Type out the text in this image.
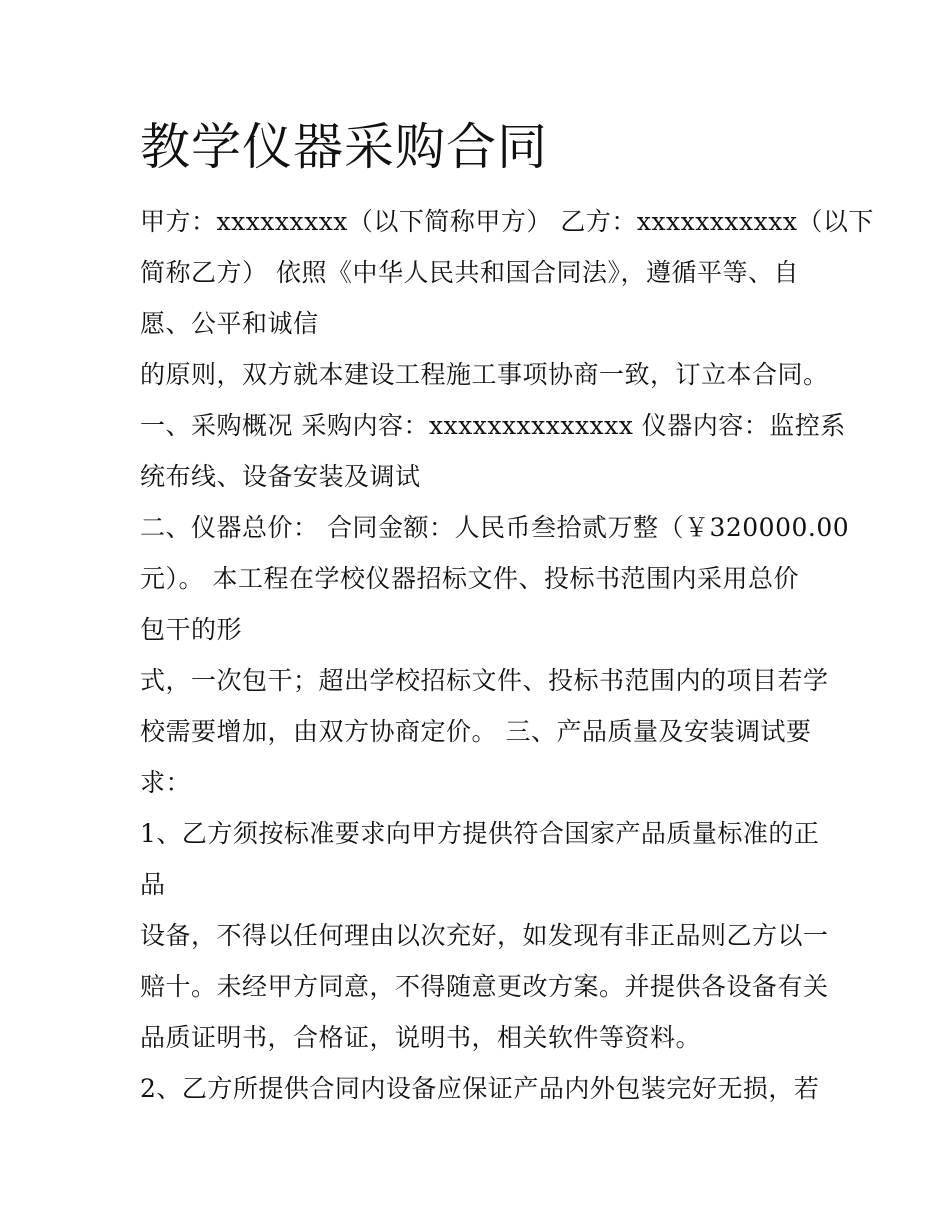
教学仪器采购合同
甲方：xxxxxxxxx（以下简称甲方） 乙方：xxxxxxxxxxx（以下
简称乙方） 依照《中华人民共和国合同法》，遵循平等、自
愿、公平和诚信
的原则，双方就本建设工程施工事项协商一致，订立本合同。
一、采购概况 采购内容：xxxxxxxxxxxxxx 仪器内容：监控系
统布线、设备安装及调试
二、仪器总价： 合同金额：人民币叁拾贰万整（￥320000.00
元）。 本工程在学校仪器招标文件、投标书范围内采用总价
包干的形
式，一次包干；超出学校招标文件、投标书范围内的项目若学
校需要增加，由双方协商定价。 三、产品质量及安装调试要
求：
1、乙方须按标准要求向甲方提供符合国家产品质量标准的正
品
设备，不得以任何理由以次充好，如发现有非正品则乙方以一
赔十。未经甲方同意，不得随意更改方案。并提供各设备有关
品质证明书，合格证，说明书，相关软件等资料。
2、乙方所提供合同内设备应保证产品内外包装完好无损，若
